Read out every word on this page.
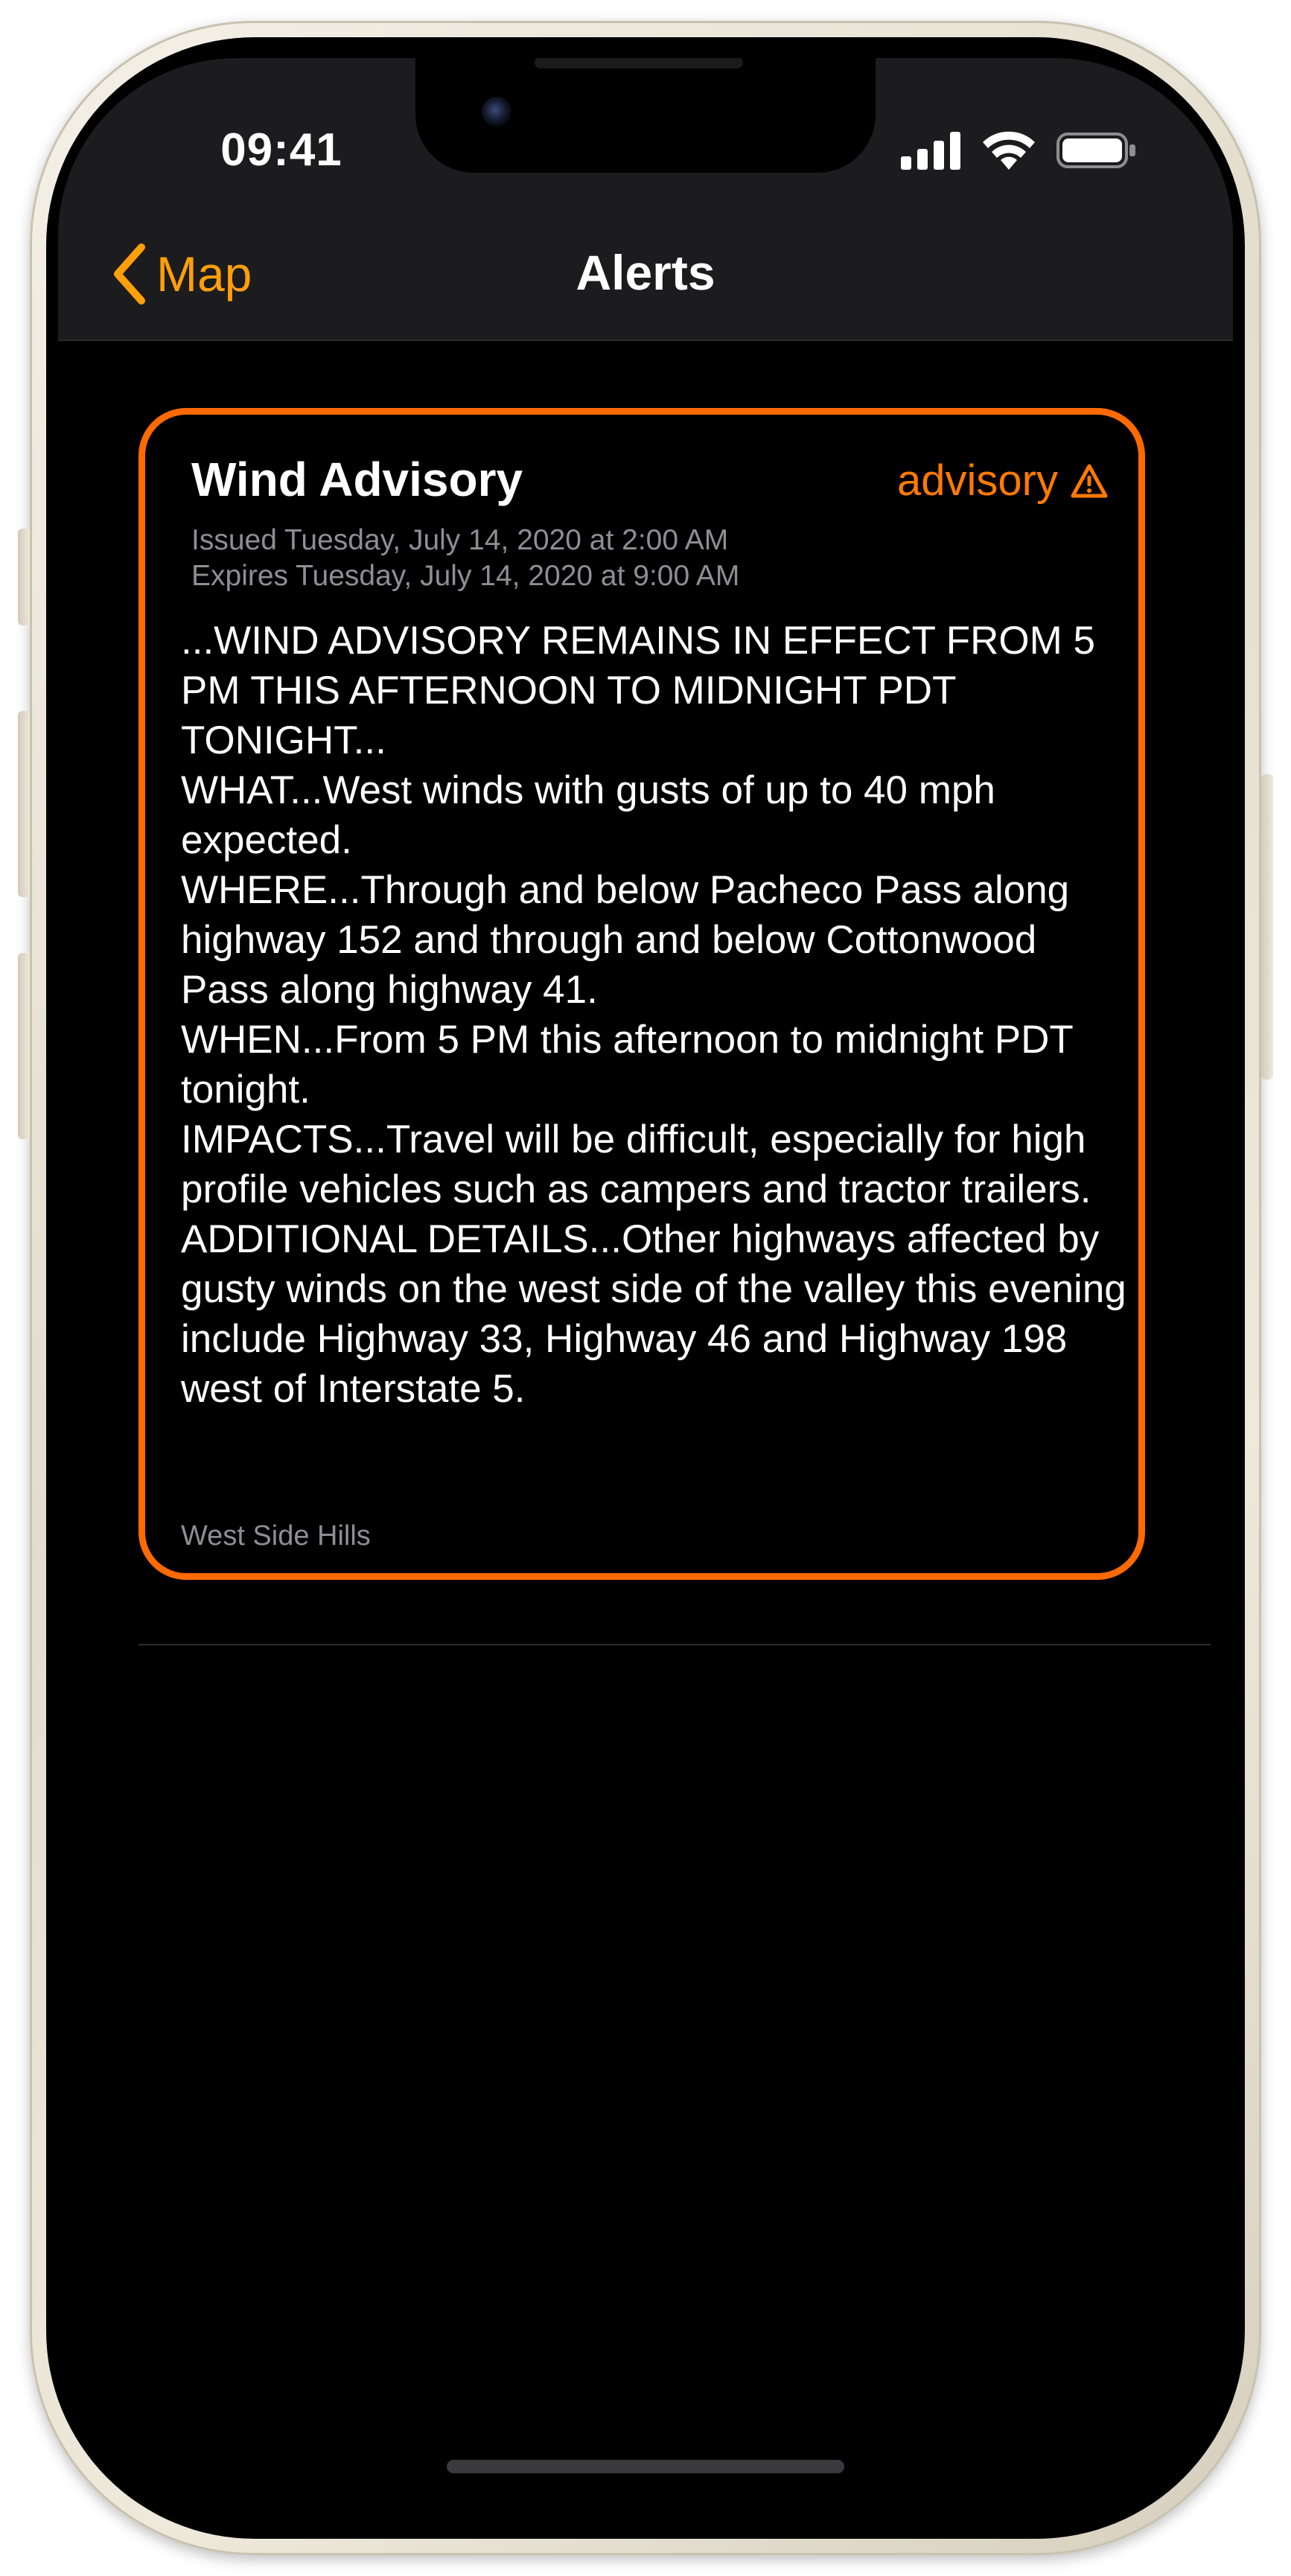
09:41
Map	Alerts
Wind Advisory	advisory
Issued Tuesday, July 14, 2020 at 2:00 AM
Expires Tuesday, July 14, 2020 at 9:00 AM
...WIND ADVISORY REMAINS IN EFFECT FROM 5 PM THIS AFTERNOON TO MIDNIGHT PDT TONIGHT...
WHAT...West winds with gusts of up to 40 mph expected.
WHERE...Through and below Pacheco Pass along highway 152 and through and below Cottonwood Pass along highway 41.
WHEN...From 5 PM this afternoon to midnight PDT tonight.
IMPACTS...Travel will be difficult, especially for high profile vehicles such as campers and tractor trailers.
ADDITIONAL DETAILS...Other highways affected by gusty winds on the west side of the valley this evening include Highway 33, Highway 46 and Highway 198 west of Interstate 5.
West Side Hills
